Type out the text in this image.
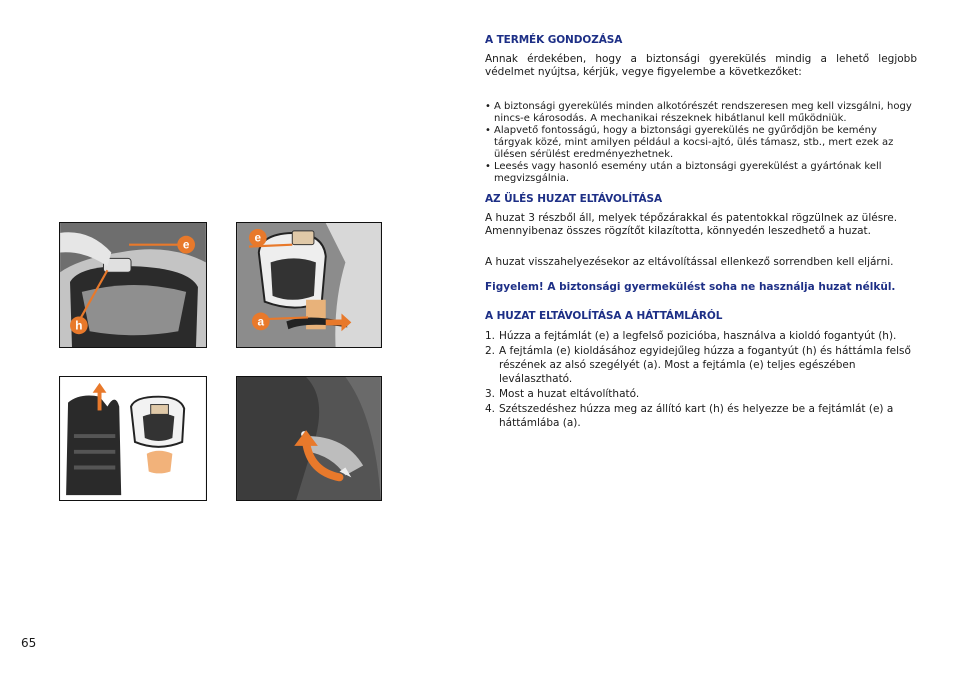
e
h
e
a
65

A TERMÉK GONDOZÁSA

Annak érdekében, hogy a biztonsági gyerekülés mindig a lehető legjobb védelmet nyújtsa, kérjük, vegye figyelembe a következőket:

• A biztonsági gyerekülés minden alkotórészét rendszeresen meg kell vizsgálni, hogy nincs-e károsodás. A mechanikai részeknek hibátlanul kell működniük.
• Alapvető fontosságú, hogy a biztonsági gyerekülés ne gyűrődjön be kemény tárgyak közé, mint amilyen például a kocsi-ajtó, ülés támasz, stb., mert ezek az ülésen sérülést eredményezhetnek.
• Leesés vagy hasonló esemény után a biztonsági gyerekülést a gyártónak kell megvizsgálnia.

AZ ÜLÉS HUZAT ELTÁVOLÍTÁSA

A huzat 3 részből áll, melyek tépőzárakkal és patentokkal rögzülnek az ülésre. Amennyibenaz összes rögzítőt kilazította, könnyedén leszedhető a huzat.

A huzat visszahelyezésekor az eltávolítással ellenkező sorrendben kell eljárni.

Figyelem! A biztonsági gyermekülést soha ne használja huzat nélkül.

A HUZAT ELTÁVOLÍTÁSA A HÁTTÁMLÁRÓL

1. Húzza a fejtámlát (e) a legfelső pozicióba, használva a kioldó fogantyút (h).
2. A fejtámla (e) kioldásához egyidejűleg húzza a fogantyút (h) és háttámla felső részének az alsó szegélyét (a). Most a fejtámla (e) teljes egészében leválasztható.
3. Most a huzat eltávolítható.
4. Szétszedéshez húzza meg az állító kart (h) és helyezze be a fejtámlát (e) a háttámlába (a).
